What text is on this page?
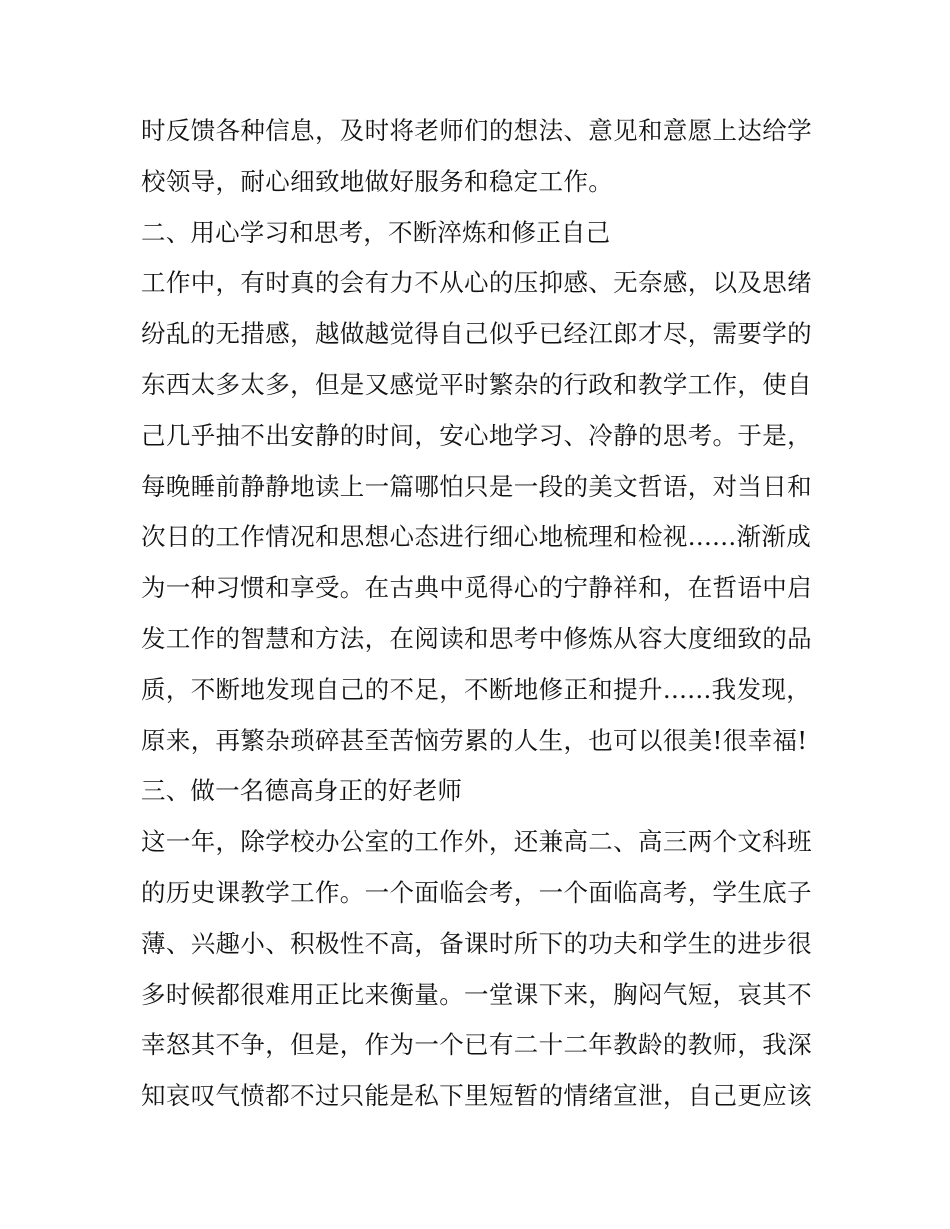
时反馈各种信息，及时将老师们的想法、意见和意愿上达给学
校领导，耐心细致地做好服务和稳定工作。
二、用心学习和思考，不断淬炼和修正自己
工作中，有时真的会有力不从心的压抑感、无奈感，以及思绪
纷乱的无措感，越做越觉得自己似乎已经江郎才尽，需要学的
东西太多太多，但是又感觉平时繁杂的行政和教学工作，使自
己几乎抽不出安静的时间，安心地学习、冷静的思考。于是，
每晚睡前静静地读上一篇哪怕只是一段的美文哲语，对当日和
次日的工作情况和思想心态进行细心地梳理和检视......渐渐成
为一种习惯和享受。在古典中觅得心的宁静祥和，在哲语中启
发工作的智慧和方法，在阅读和思考中修炼从容大度细致的品
质，不断地发现自己的不足，不断地修正和提升......我发现，
原来，再繁杂琐碎甚至苦恼劳累的人生，也可以很美!很幸福!
三、做一名德高身正的好老师
这一年，除学校办公室的工作外，还兼高二、高三两个文科班
的历史课教学工作。一个面临会考，一个面临高考，学生底子
薄、兴趣小、积极性不高，备课时所下的功夫和学生的进步很
多时候都很难用正比来衡量。一堂课下来，胸闷气短，哀其不
幸怒其不争，但是，作为一个已有二十二年教龄的教师，我深
知哀叹气愤都不过只能是私下里短暂的情绪宣泄，自己更应该
